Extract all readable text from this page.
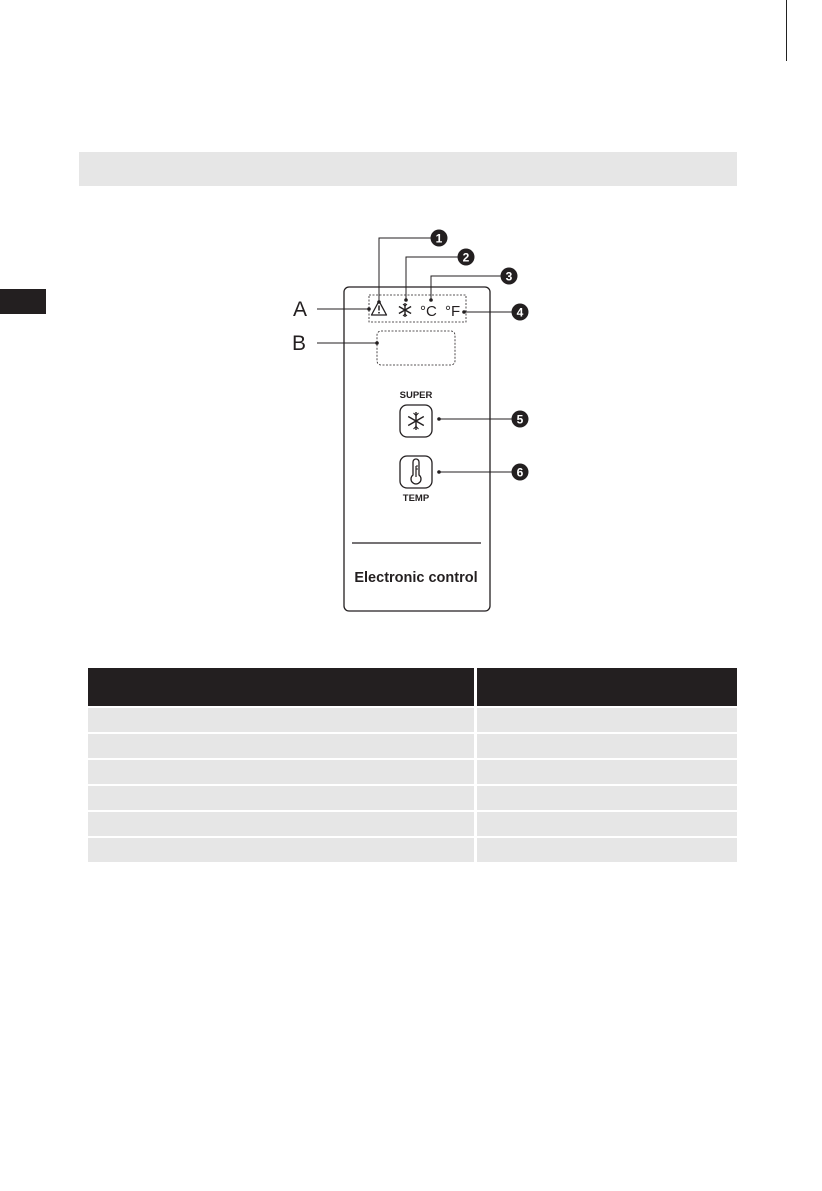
°C °F
SUPER
TEMP
Electronic control
A
B
1
2
3
4
5
6
